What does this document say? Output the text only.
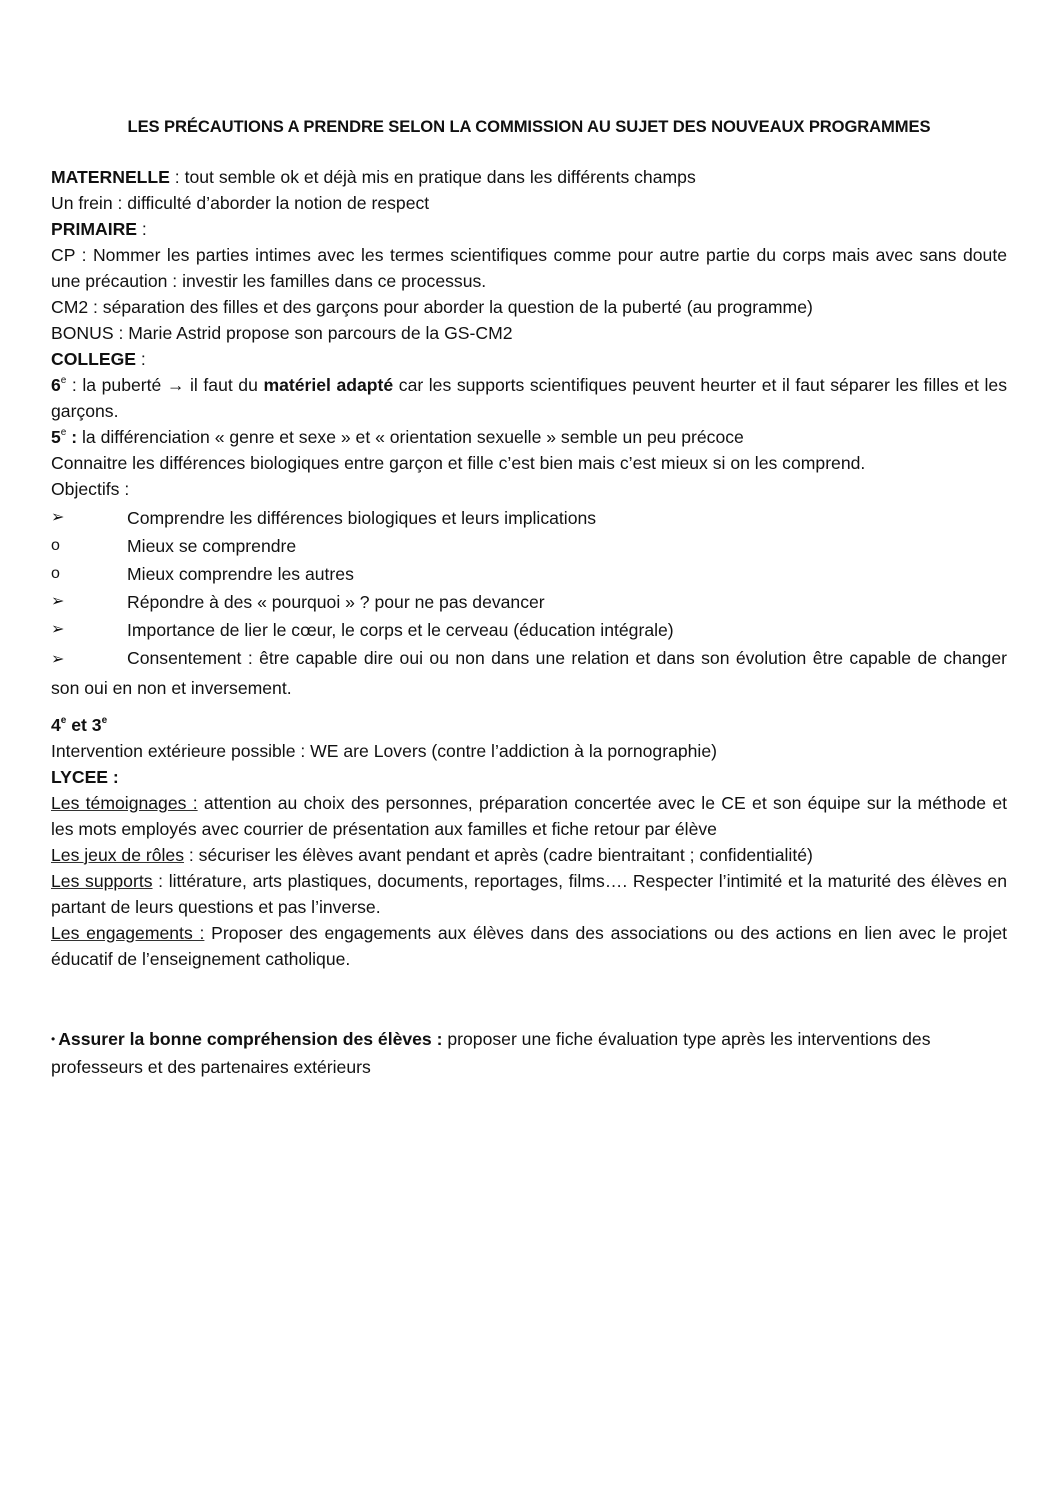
LES PRÉCAUTIONS A PRENDRE SELON LA COMMISSION AU SUJET DES NOUVEAUX PROGRAMMES

MATERNELLE : tout semble ok et déjà mis en pratique dans les différents champs

Un frein : difficulté d’aborder la notion de respect

PRIMAIRE :

CP : Nommer les parties intimes avec les termes scientifiques comme pour autre partie du corps mais avec sans doute une précaution : investir les familles dans ce processus.

CM2 : séparation des filles et des garçons pour aborder la question de la puberté (au programme)

BONUS : Marie Astrid propose son parcours de la GS-CM2

COLLEGE :

6e : la puberté → il faut du matériel adapté car les supports scientifiques peuvent heurter et il faut séparer les filles et les garçons.

5e : la différenciation « genre et sexe » et « orientation sexuelle » semble un peu précoce

Connaitre les différences biologiques entre garçon et fille c’est bien mais c’est mieux si on les comprend.

Objectifs :

➢	Comprendre les différences biologiques et leurs implications
o	Mieux se comprendre
o	Mieux comprendre les autres
➢	Répondre à des « pourquoi » ? pour ne pas devancer
➢	Importance de lier le cœur, le corps et le cerveau (éducation intégrale)
➢	Consentement : être capable dire oui ou non dans une relation et dans son évolution être capable de changer son oui en non et inversement.

4e et 3e

Intervention extérieure possible : WE are Lovers (contre l’addiction à la pornographie)

LYCEE :

Les témoignages : attention au choix des personnes, préparation concertée avec le CE et son équipe sur la méthode et les mots employés avec courrier de présentation aux familles et fiche retour par élève

Les jeux de rôles : sécuriser les élèves avant pendant et après (cadre bientraitant ; confidentialité)

Les supports : littérature, arts plastiques, documents, reportages, films…. Respecter l’intimité et la maturité des élèves en partant de leurs questions et pas l’inverse.

Les engagements : Proposer des engagements aux élèves dans des associations ou des actions en lien avec le projet éducatif de l’enseignement catholique.

• Assurer la bonne compréhension des élèves : proposer une fiche évaluation type après les interventions des professeurs et des partenaires extérieurs
